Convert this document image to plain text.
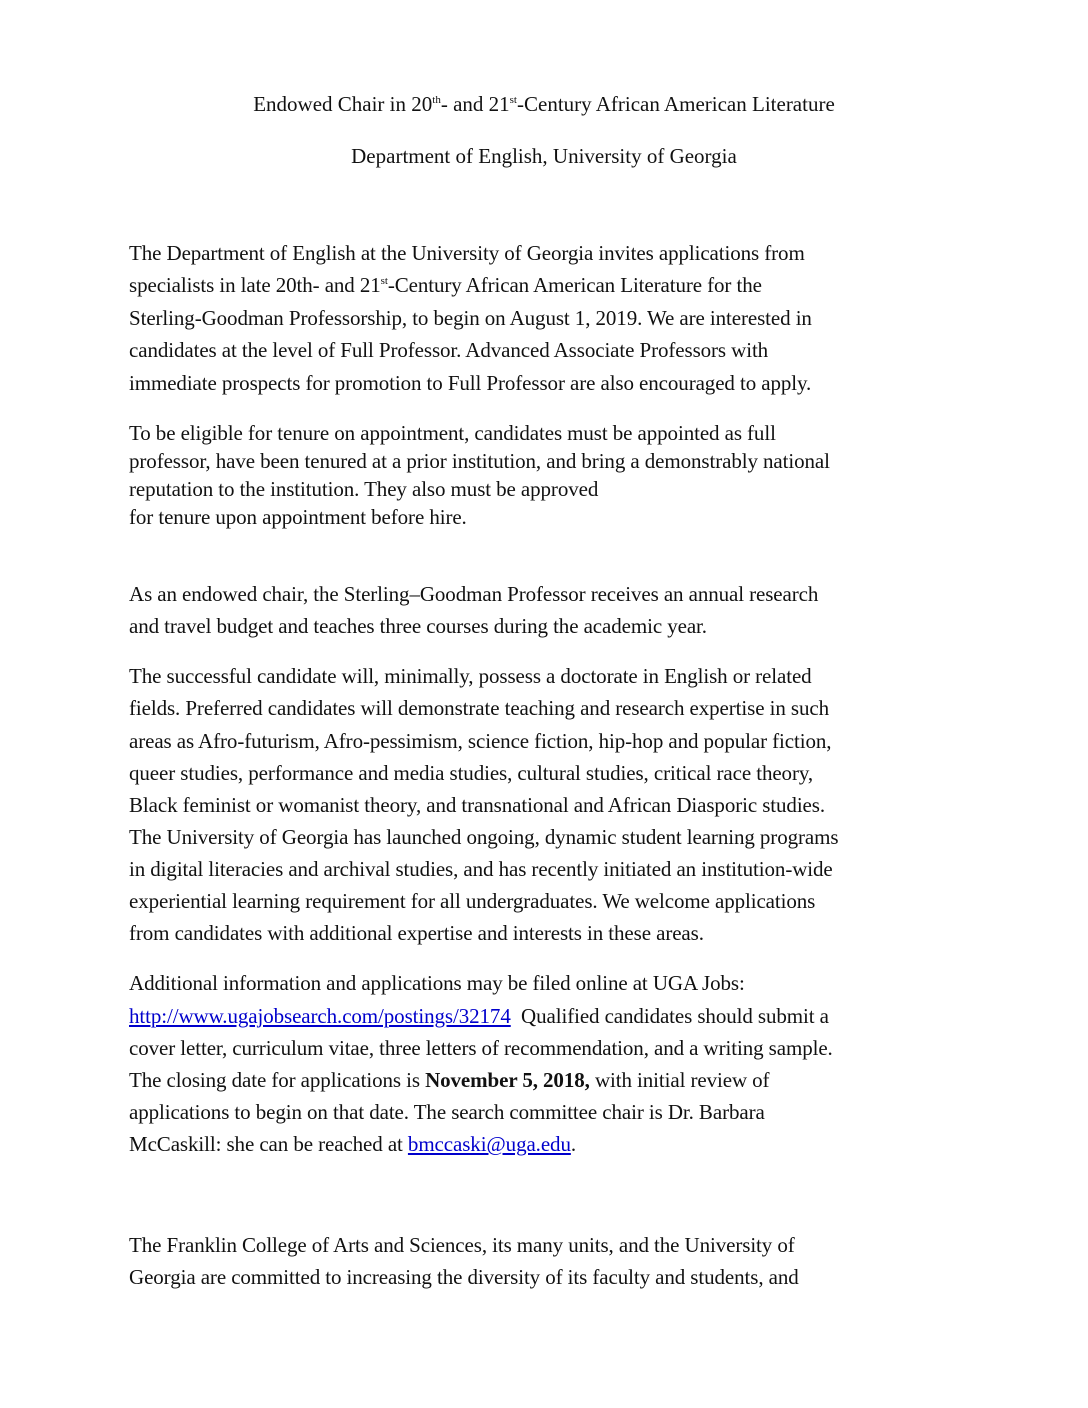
Endowed Chair in 20th- and 21st-Century African American Literature
Department of English, University of Georgia
The Department of English at the University of Georgia invites applications from
specialists in late 20th- and 21st-Century African American Literature for the
Sterling-Goodman Professorship, to begin on August 1, 2019. We are interested in
candidates at the level of Full Professor. Advanced Associate Professors with
immediate prospects for promotion to Full Professor are also encouraged to apply.
To be eligible for tenure on appointment, candidates must be appointed as full
professor, have been tenured at a prior institution, and bring a demonstrably national
reputation to the institution. They also must be approved
for tenure upon appointment before hire.
As an endowed chair, the Sterling–Goodman Professor receives an annual research
and travel budget and teaches three courses during the academic year.
The successful candidate will, minimally, possess a doctorate in English or related
fields. Preferred candidates will demonstrate teaching and research expertise in such
areas as Afro-futurism, Afro-pessimism, science fiction, hip-hop and popular fiction,
queer studies, performance and media studies, cultural studies, critical race theory,
Black feminist or womanist theory, and transnational and African Diasporic studies.
The University of Georgia has launched ongoing, dynamic student learning programs
in digital literacies and archival studies, and has recently initiated an institution-wide
experiential learning requirement for all undergraduates. We welcome applications
from candidates with additional expertise and interests in these areas.
Additional information and applications may be filed online at UGA Jobs:
http://www.ugajobsearch.com/postings/32174  Qualified candidates should submit a
cover letter, curriculum vitae, three letters of recommendation, and a writing sample.
The closing date for applications is November 5, 2018, with initial review of
applications to begin on that date. The search committee chair is Dr. Barbara
McCaskill: she can be reached at bmccaski@uga.edu.
The Franklin College of Arts and Sciences, its many units, and the University of
Georgia are committed to increasing the diversity of its faculty and students, and
